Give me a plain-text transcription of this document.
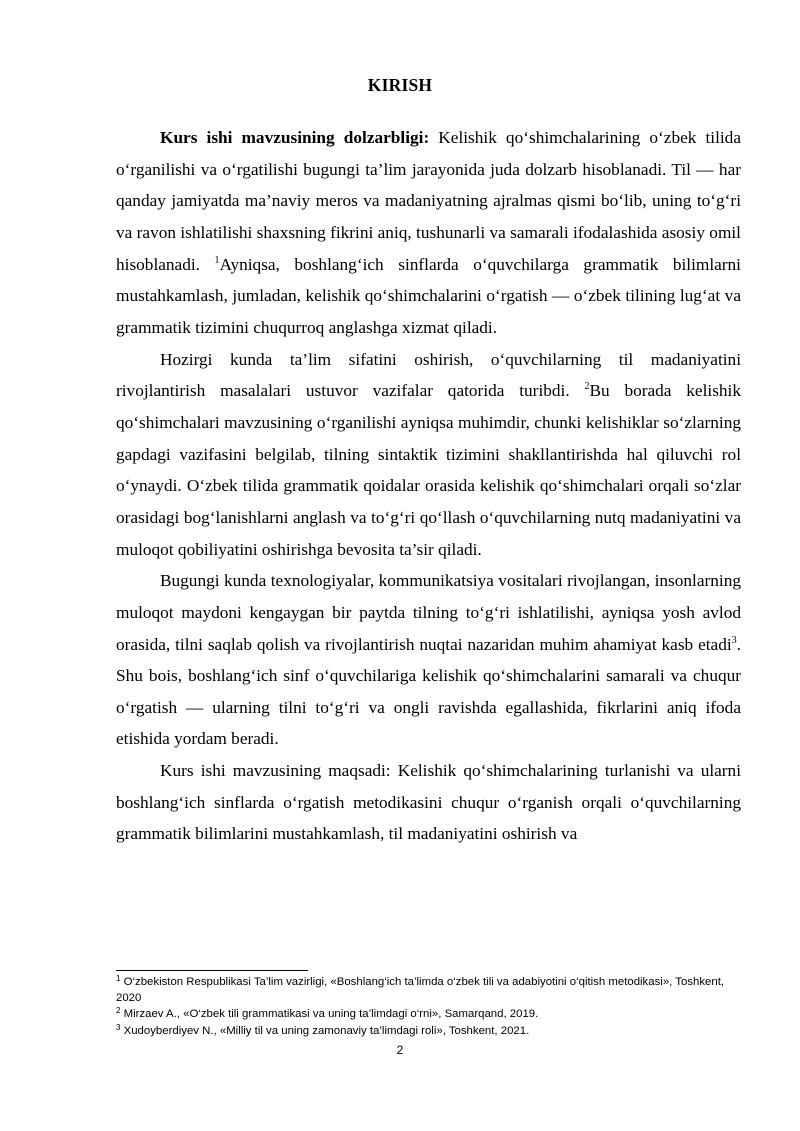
KIRISH

Kurs ishi mavzusining dolzarbligi: Kelishik qo‘shimchalarining o‘zbek tilida o‘rganilishi va o‘rgatilishi bugungi ta’lim jarayonida juda dolzarb hisoblanadi. Til — har qanday jamiyatda ma’naviy meros va madaniyatning ajralmas qismi bo‘lib, uning to‘g‘ri va ravon ishlatilishi shaxsning fikrini aniq, tushunarli va samarali ifodalashida asosiy omil hisoblanadi. $^1$Ayniqsa, boshlang‘ich sinflarda o‘quvchilarga grammatik bilimlarni mustahkamlash, jumladan, kelishik qo‘shimchalarini o‘rgatish — o‘zbek tilining lug‘at va grammatik tizimini chuqurroq anglashga xizmat qiladi.

Hozirgi kunda ta’lim sifatini oshirish, o‘quvchilarning til madaniyatini rivojlantirish masalalari ustuvor vazifalar qatorida turibdi. $^2$Bu borada kelishik qo‘shimchalari mavzusining o‘rganilishi ayniqsa muhimdir, chunki kelishiklar so‘zlarning gapdagi vazifasini belgilab, tilning sintaktik tizimini shakllantirishda hal qiluvchi rol o‘ynaydi. O‘zbek tilida grammatik qoidalar orasida kelishik qo‘shimchalari orqali so‘zlar orasidagi bog‘lanishlarni anglash va to‘g‘ri qo‘llash o‘quvchilarning nutq madaniyatini va muloqot qobiliyatini oshirishga bevosita ta’sir qiladi.

Bugungi kunda texnologiyalar, kommunikatsiya vositalari rivojlangan, insonlarning muloqot maydoni kengaygan bir paytda tilning to‘g‘ri ishlatilishi, ayniqsa yosh avlod orasida, tilni saqlab qolish va rivojlantirish nuqtai nazaridan muhim ahamiyat kasb etadi$^3$. Shu bois, boshlang‘ich sinf o‘quvchilariga kelishik qo‘shimchalarini samarali va chuqur o‘rgatish — ularning tilni to‘g‘ri va ongli ravishda egallashida, fikrlarini aniq ifoda etishida yordam beradi.

Kurs ishi mavzusining maqsadi: Kelishik qo‘shimchalarining turlanishi va ularni boshlang‘ich sinflarda o‘rgatish metodikasini chuqur o‘rganish orqali o‘quvchilarning grammatik bilimlarini mustahkamlash, til madaniyatini oshirish va

$^1$ O‘zbekiston Respublikasi Ta’lim vazirligi, «Boshlang‘ich ta’limda o‘zbek tili va adabiyotini o‘qitish metodikasi», Toshkent, 2020
$^2$ Mirzaev A., «O‘zbek tili grammatikasi va uning ta’limdagi o‘rni», Samarqand, 2019.
$^3$ Xudoyberdiyev N., «Milliy til va uning zamonaviy ta’limdagi roli», Toshkent, 2021.
2
